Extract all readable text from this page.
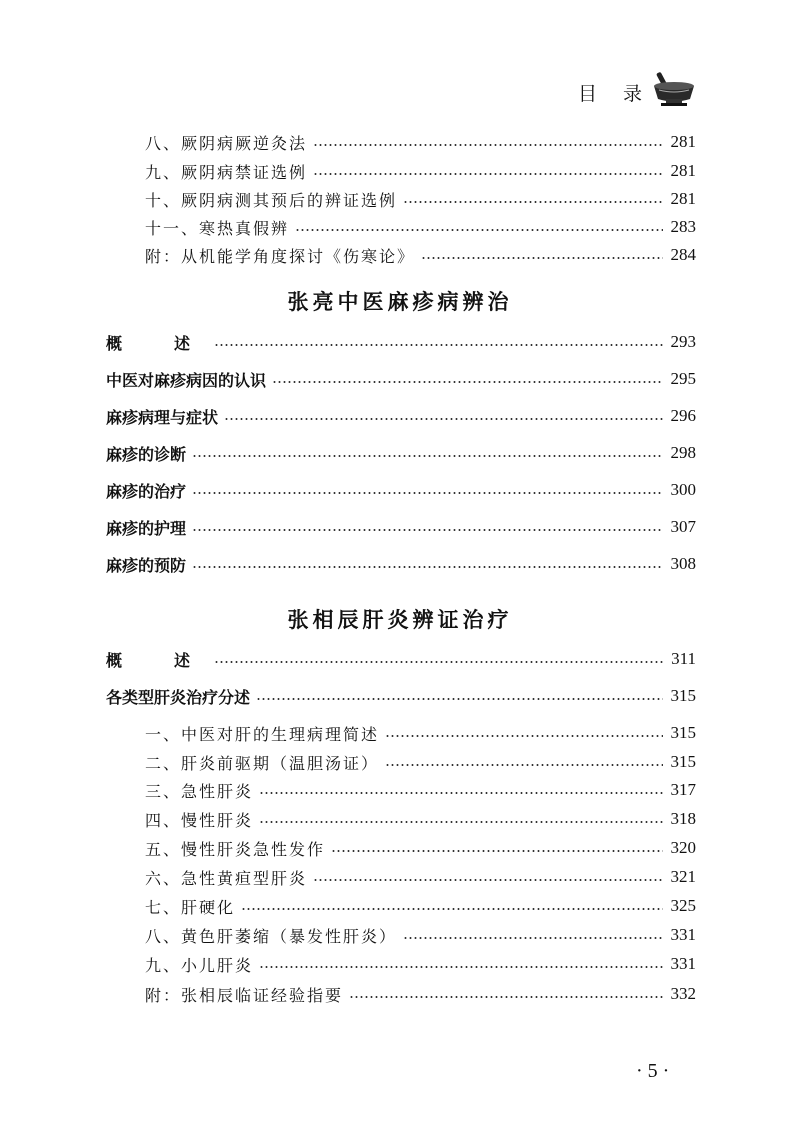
目 录
八、厥阴病厥逆灸法	281
九、厥阴病禁证选例	281
十、厥阴病测其预后的辨证选例	281
十一、寒热真假辨	283
附：从机能学角度探讨《伤寒论》	284
张亮中医麻疹病辨治
概　述	293
中医对麻疹病因的认识	295
麻疹病理与症状	296
麻疹的诊断	298
麻疹的治疗	300
麻疹的护理	307
麻疹的预防	308
张相辰肝炎辨证治疗
概　述	311
各类型肝炎治疗分述	315
一、中医对肝的生理病理简述	315
二、肝炎前驱期（温胆汤证）	315
三、急性肝炎	317
四、慢性肝炎	318
五、慢性肝炎急性发作	320
六、急性黄疸型肝炎	321
七、肝硬化	325
八、黄色肝萎缩（暴发性肝炎）	331
九、小儿肝炎	331
附：张相辰临证经验指要	332
· 5 ·
